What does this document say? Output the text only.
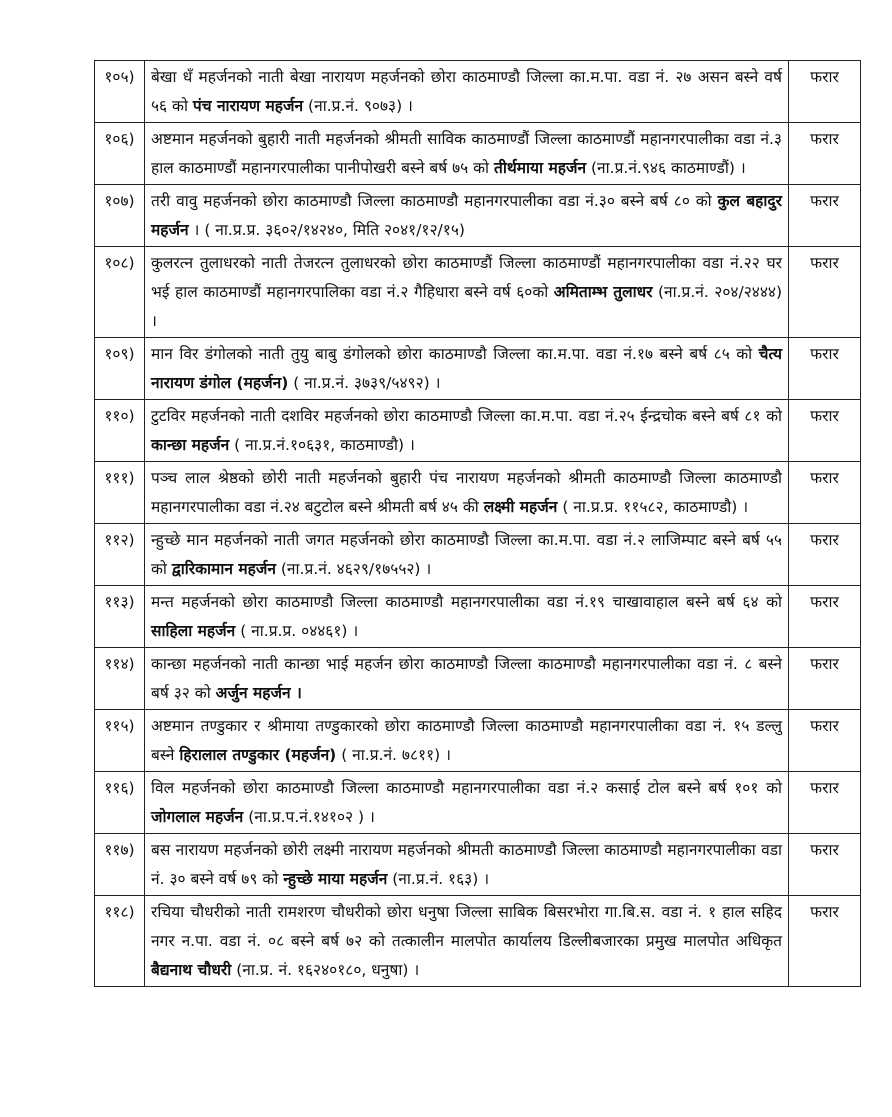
१०५)	बेखा धँ महर्जनको नाती बेखा नारायण महर्जनको छोरा काठमाण्डौ जिल्ला का.म.पा. वडा नं. २७ असन बस्ने वर्ष ५६ को पंच नारायण महर्जन (ना.प्र.नं. ९०७३) ।	फरार
१०६)	अष्टमान महर्जनको बुहारी नाती महर्जनको श्रीमती साविक काठमाण्डौं जिल्ला काठमाण्डौं महानगरपालीका वडा नं.३ हाल काठमाण्डौं महानगरपालीका पानीपोखरी बस्ने बर्ष ७५ को तीर्थमाया महर्जन (ना.प्र.नं.९४६ काठमाण्डौं) ।	फरार
१०७)	तरी वावु महर्जनको छोरा काठमाण्डौ जिल्ला काठमाण्डौ महानगरपालीका वडा नं.३० बस्ने बर्ष ८० को कुल बहादुर महर्जन । ( ना.प्र.प्र. ३६०२/१४२४०, मिति २०४१/१२/१५)	फरार
१०८)	कुलरत्न तुलाधरको नाती तेजरत्न तुलाधरको छोरा काठमाण्डौं जिल्ला काठमाण्डौं महानगरपालीका वडा नं.२२ घर भई हाल काठमाण्डौं महानगरपालिका वडा नं.२ गैहिधारा बस्ने वर्ष ६०को अमिताम्भ तुलाधर (ना.प्र.नं. २०४/२४४४) ।	फरार
१०९)	मान विर डंगोलको नाती तुयु बाबु डंगोलको छोरा काठमाण्डौ जिल्ला का.म.पा. वडा नं.१७ बस्ने बर्ष ८५ को चैत्य नारायण डंगोल (महर्जन) ( ना.प्र.नं. ३७३९/५४९२) ।	फरार
११०)	टुटविर महर्जनको नाती दशविर महर्जनको छोरा काठमाण्डौ जिल्ला का.म.पा. वडा नं.२५ ईन्द्रचोक बस्ने बर्ष ८१ को कान्छा महर्जन ( ना.प्र.नं.१०६३१, काठमाण्डौ) ।	फरार
१११)	पञ्च लाल श्रेष्ठको छोरी नाती महर्जनको बुहारी पंच नारायण महर्जनको श्रीमती काठमाण्डौ जिल्ला काठमाण्डौ महानगरपालीका वडा नं.२४ बटुटोल बस्ने श्रीमती बर्ष ४५ की लक्ष्मी महर्जन ( ना.प्र.प्र. ११५८२, काठमाण्डौ) ।	फरार
११२)	न्हुच्छे मान महर्जनको नाती जगत महर्जनको छोरा काठमाण्डौ जिल्ला का.म.पा. वडा नं.२ लाजिम्पाट बस्ने बर्ष ५५ को द्वारिकामान महर्जन (ना.प्र.नं. ४६२९/१७५५२) ।	फरार
११३)	मन्त महर्जनको छोरा काठमाण्डौ जिल्ला काठमाण्डौ महानगरपालीका वडा नं.१९ चाखावाहाल बस्ने बर्ष ६४ को साहिला महर्जन ( ना.प्र.प्र. ०४४६१) ।	फरार
११४)	कान्छा महर्जनको नाती कान्छा भाई महर्जन छोरा काठमाण्डौ जिल्ला काठमाण्डौ महानगरपालीका वडा नं. ८ बस्ने बर्ष ३२ को अर्जुन महर्जन ।	फरार
११५)	अष्टमान तण्डुकार र श्रीमाया तण्डुकारको छोरा काठमाण्डौ जिल्ला काठमाण्डौ महानगरपालीका वडा नं. १५ डल्लु बस्ने हिरालाल तण्डुकार (महर्जन) ( ना.प्र.नं. ७८११) ।	फरार
११६)	विल महर्जनको छोरा काठमाण्डौ जिल्ला काठमाण्डौ महानगरपालीका वडा नं.२ कसाई टोल बस्ने बर्ष १०१ को जोगलाल महर्जन (ना.प्र.प.नं.१४१०२ ) ।	फरार
११७)	बस नारायण महर्जनको छोरी लक्ष्मी नारायण महर्जनको श्रीमती काठमाण्डौ जिल्ला काठमाण्डौ महानगरपालीका वडा नं. ३० बस्ने वर्ष ७९ को न्हुच्छे माया महर्जन (ना.प्र.नं. १६३) ।	फरार
११८)	रचिया चौधरीको नाती रामशरण चौधरीको छोरा धनुषा जिल्ला साबिक बिसरभोरा गा.बि.स. वडा नं. १ हाल सहिद नगर न.पा. वडा नं. ०८ बस्ने बर्ष ७२ को तत्कालीन मालपोत कार्यालय डिल्लीबजारका प्रमुख मालपोत अधिकृत बैद्यनाथ चौधरी (ना.प्र. नं. १६२४०१८०, धनुषा) ।	फरार
